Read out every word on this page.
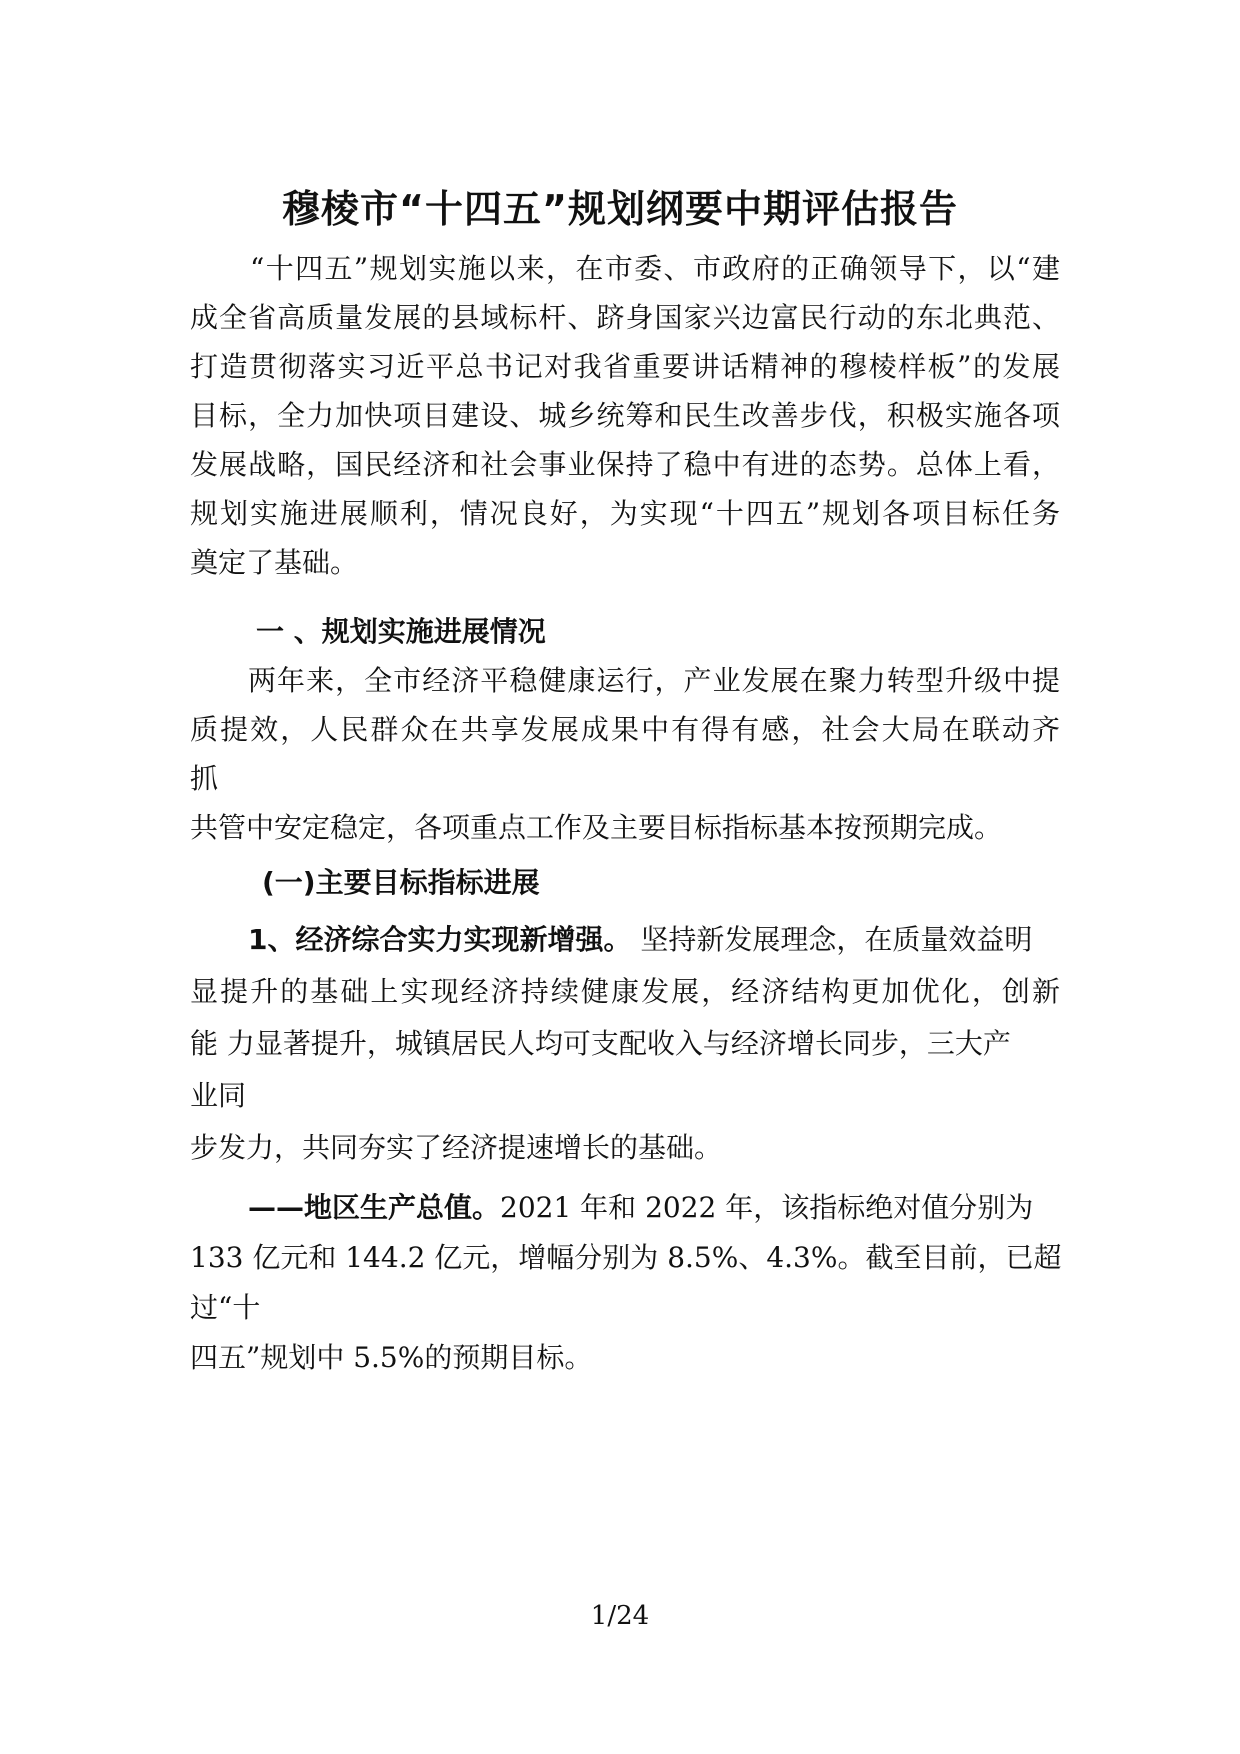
穆棱市“十四五”规划纲要中期评估报告

“十四五”规划实施以来，在市委、市政府的正确领导下，以“建

成全省高质量发展的县域标杆、跻身国家兴边富民行动的东北典范、

打造贯彻落实习近平总书记对我省重要讲话精神的穆棱样板”的发展

目标，全力加快项目建设、城乡统筹和民生改善步伐，积极实施各项

发展战略，国民经济和社会事业保持了稳中有进的态势。总体上看，

规划实施进展顺利，情况良好，为实现“十四五”规划各项目标任务

奠定了基础。

一 、规划实施进展情况

两年来，全市经济平稳健康运行，产业发展在聚力转型升级中提

质提效，人民群众在共享发展成果中有得有感，社会大局在联动齐

抓

共管中安定稳定，各项重点工作及主要目标指标基本按预期完成。

(一)主要目标指标进展

1、经济综合实力实现新增强。 坚持新发展理念，在质量效益明

显提升的基础上实现经济持续健康发展，经济结构更加优化，创新

能 力显著提升，城镇居民人均可支配收入与经济增长同步，三大产

业同

步发力，共同夯实了经济提速增长的基础。

——地区生产总值。2021 年和 2022 年，该指标绝对值分别为

133 亿元和 144.2 亿元，增幅分别为 8.5%、4.3%。截至目前，已超

过“十

四五”规划中 5.5%的预期目标。

1/24
